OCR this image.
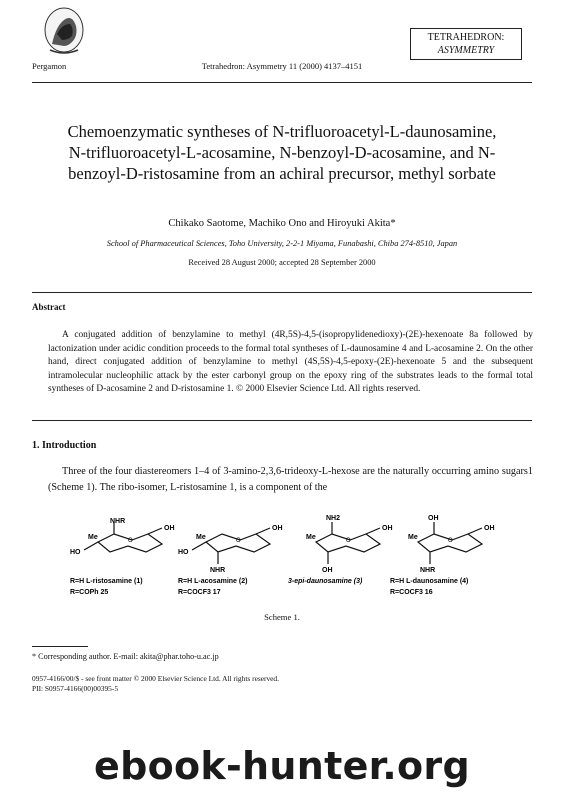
Pergamon	Tetrahedron: Asymmetry 11 (2000) 4137–4151
TETRAHEDRON:
ASYMMETRY
Chemoenzymatic syntheses of N-trifluoroacetyl-L-daunosamine, N-trifluoroacetyl-L-acosamine, N-benzoyl-D-acosamine, and N-benzoyl-D-ristosamine from an achiral precursor, methyl sorbate
Chikako Saotome, Machiko Ono and Hiroyuki Akita*
School of Pharmaceutical Sciences, Toho University, 2-2-1 Miyama, Funabashi, Chiba 274-8510, Japan
Received 28 August 2000; accepted 28 September 2000
Abstract

A conjugated addition of benzylamine to methyl (4R,5S)-4,5-(isopropylidenedioxy)-(2E)-hexenoate 8a followed by lactonization under acidic condition proceeds to the formal total syntheses of L-daunosamine 4 and L-acosamine 2. On the other hand, direct conjugated addition of benzylamine to methyl (4S,5S)-4,5-epoxy-(2E)-hexenoate 5 and the subsequent intramolecular nucleophilic attack by the ester carbonyl group on the epoxy ring of the substrates leads to the formal total syntheses of D-acosamine 2 and D-ristosamine 1. © 2000 Elsevier Science Ltd. All rights reserved.

1. Introduction

Three of the four diastereomers 1–4 of 3-amino-2,3,6-trideoxy-L-hexose are the naturally occurring amino sugars1 (Scheme 1). The ribo-isomer, L-ristosamine 1, is a component of the

NHR
Me
HO
OH
O
R=H L-ristosamine (1)
R=COPh 25
Me
HO
OH
NHR
O
R=H L-acosamine (2)
R=COCF3 17
NH2
Me
OH
OH
O
3-epi-daunosamine (3)
OH
Me
OH
NHR
O
R=H L-daunosamine (4)
R=COCF3 16
Scheme 1.
* Corresponding author. E-mail: akita@phar.toho-u.ac.jp
0957-4166/00/$ - see front matter © 2000 Elsevier Science Ltd. All rights reserved.
PII: S0957-4166(00)00395-5
ebook-hunter.org
